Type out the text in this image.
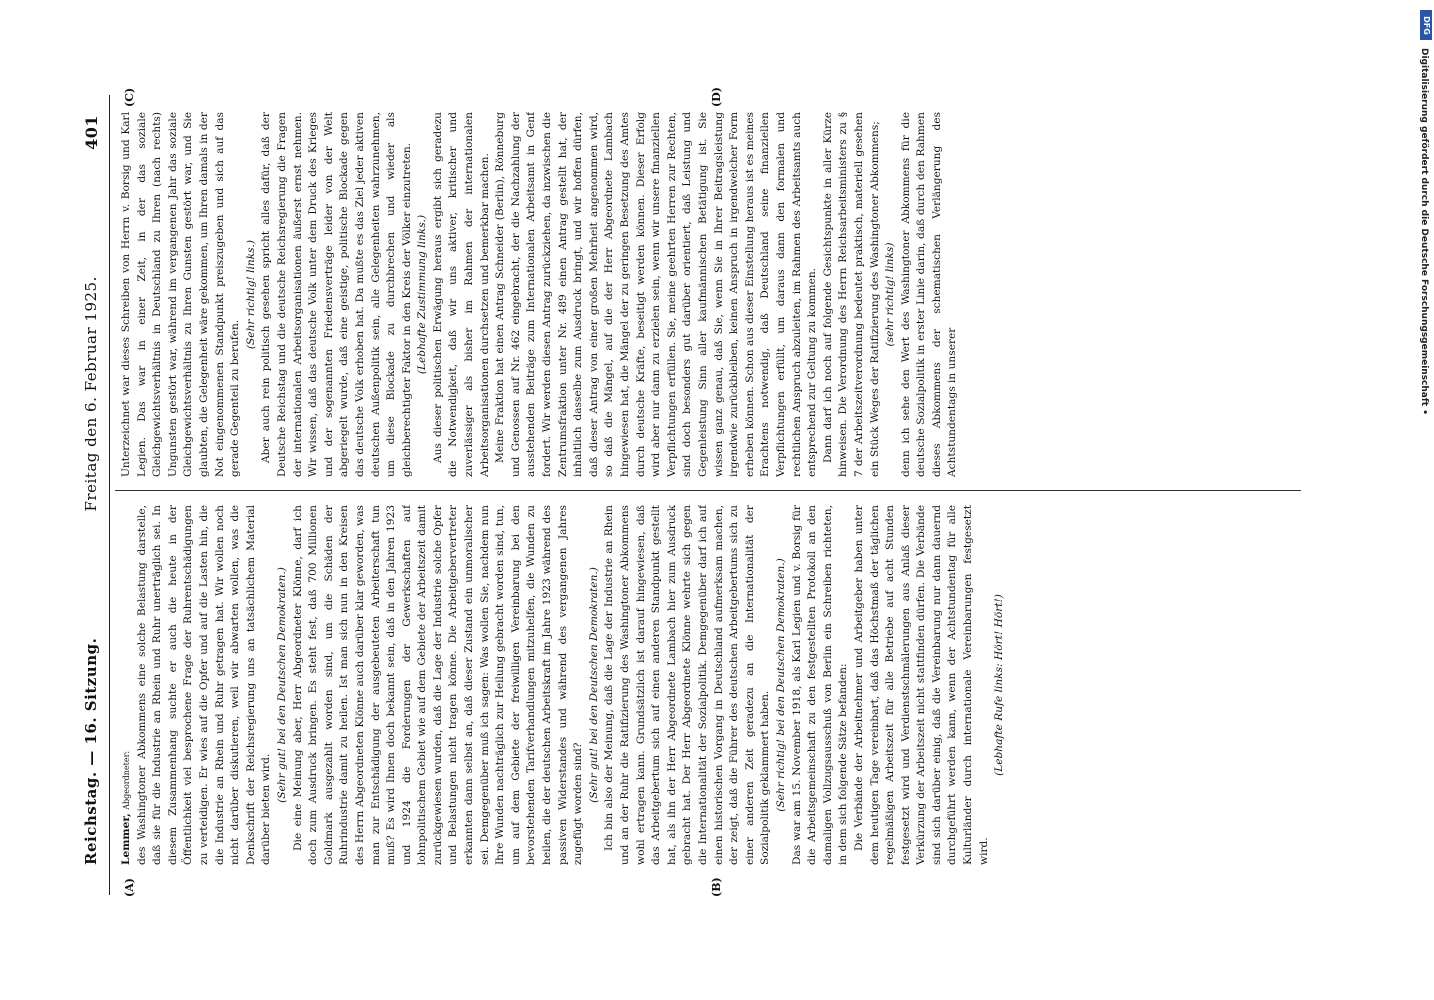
Reichstag. — 16. Sitzung.
Freitag den 6. Februar 1925.
401
(A)	(B)
(C)	(D)

Lemmer, Abgeordneter: des Washingtoner Abkommens eine solche Belastung darstelle, daß sie für die Industrie an Rhein und Ruhr unerträglich sei. In diesem Zusammenhang suchte er auch die heute in der Öffentlichkeit viel besprochene Frage der Ruhrentschädigungen zu verteidigen. Er wies auf die Opfer und auf die Lasten hin, die die Industrie an Rhein und Ruhr getragen hat. Wir wollen noch nicht darüber diskutieren, weil wir abwarten wollen, was die Denkschrift der Reichsregierung uns an tatsächlichem Material darüber bieten wird.

(Sehr gut! bei den Deutschen Demokraten.) Die eine Meinung aber, Herr Abgeordneter Klönne, darf ich doch zum Ausdruck bringen. Es steht fest, daß 700 Millionen Goldmark ausgezahlt worden sind, um die Schäden der Ruhrindustrie damit zu heilen. Ist man sich nun in den Kreisen des Herrn Abgeordneten Klönne auch darüber klar geworden, was man zur Entschädigung der ausgebeuteten Arbeiterschaft tun muß? Es wird Ihnen doch bekannt sein, daß in den Jahren 1923 und 1924 die Forderungen der Gewerkschaften auf lohnpolitischem Gebiet wie auf dem Gebiete der Arbeitszeit damit zurückgewiesen wurden, daß die Lage der Industrie solche Opfer und Belastungen nicht tragen könne. Die Arbeitgebervertreter erkannten dann selbst an, daß dieser Zustand ein unmoralischer sei. Demgegenüber muß ich sagen: Was wollen Sie, nachdem nun Ihre Wunden nachträglich zur Heilung gebracht worden sind, tun, um auf dem Gebiete der freiwilligen Vereinbarung bei den bevorstehenden Tarifverhandlungen mitzuhelfen, die Wunden zu heilen, die der deutschen Arbeitskraft im Jahre 1923 während des passiven Widerstandes und während des vergangenen Jahres zugefügt worden sind?

(Sehr gut! bei den Deutschen Demokraten.) Ich bin also der Meinung, daß die Lage der Industrie an Rhein und an der Ruhr die Ratifizierung des Washingtoner Abkommens wohl ertragen kann. Grundsätzlich ist darauf hingewiesen, daß das Arbeitgebertum sich auf einen anderen Standpunkt gestellt hat, als ihn der Herr Abgeordnete Lambach hier zum Ausdruck gebracht hat. Der Herr Abgeordnete Klönne wehrte sich gegen die Internationalität der Sozialpolitik. Demgegenüber darf ich auf einen historischen Vorgang in Deutschland aufmerksam machen, der zeigt, daß die Führer des deutschen Arbeitgebertums sich zu einer anderen Zeit geradezu an die Internationalität der Sozialpolitik geklammert haben. (Sehr richtig! bei den Deutschen Demokraten.) Das war am 15. November 1918, als Karl Legien und v. Borsig für die Arbeitsgemeinschaft zu den festgestellten Protokoll an den damaligen Vollzugsausschuß von Berlin ein Schreiben richteten, in dem sich folgende Sätze befanden: Die Verbände der Arbeitnehmer und Arbeitgeber haben unter dem heutigen Tage vereinbart, daß das Höchstmaß der täglichen regelmäßigen Arbeitszeit für alle Betriebe auf acht Stunden festgesetzt wird und Verdienstschmälerungen aus Anlaß dieser Verkürzung der Arbeitszeit nicht stattfinden dürfen. Die Verbände sind sich darüber einig, daß die Vereinbarung nur dann dauernd durchgeführt werden kann, wenn der Achtstundentag für alle Kulturländer durch internationale Vereinbarungen festgesetzt wird.

(Lebhafte Rufe links: Hört! Hört!)

Unterzeichnet war dieses Schreiben von Herrn v. Borsig und Karl Legien. Das war in einer Zeit, in der das soziale Gleichgewichtsverhältnis in Deutschland zu Ihren (nach rechts) Ungunsten gestört war, während im vergangenen Jahr das soziale Gleichgewichtsverhältnis zu Ihren Gunsten gestört war, und Sie glaubten, die Gelegenheit wäre gekommen, um Ihren damals in der Not eingenommenen Standpunkt preiszugeben und sich auf das gerade Gegenteil zu berufen.

(Sehr richtig! links.) Aber auch rein politisch gesehen spricht alles dafür, daß der Deutsche Reichstag und die deutsche Reichsregierung die Fragen der internationalen Arbeitsorganisationen äußerst ernst nehmen. Wir wissen, daß das deutsche Volk unter dem Druck des Krieges und der sogenannten Friedensverträge leider von der Welt abgeriegelt wurde, daß eine geistige, politische Blockade gegen das deutsche Volk erhoben hat. Da mußte es das Ziel jeder aktiven deutschen Außenpolitik sein, alle Gelegenheiten wahrzunehmen, um diese Blockade zu durchbrechen und wieder als gleichberechtigter Faktor in den Kreis der Völker einzutreten. (Lebhafte Zustimmung links.) Aus dieser politischen Erwägung heraus ergibt sich geradezu die Notwendigkeit, daß wir uns aktiver, kritischer und zuverlässiger als bisher im Rahmen der internationalen Arbeitsorganisationen durchsetzen und bemerkbar machen. Meine Fraktion hat einen Antrag Schneider (Berlin), Rönneburg und Genossen auf Nr. 462 eingebracht, der die Nachzahlung der ausstehenden Beiträge zum Internationalen Arbeitsamt in Genf fordert. Wir werden diesen Antrag zurückziehen, da inzwischen die Zentrumsfraktion unter Nr. 489 einen Antrag gestellt hat, der inhaltlich dasselbe zum Ausdruck bringt, und wir hoffen dürfen, daß dieser Antrag von einer großen Mehrheit angenommen wird, so daß die Mängel, auf die der Herr Abgeordnete Lambach hingewiesen hat, die Mängel der zu geringen Besetzung des Amtes durch deutsche Kräfte, beseitigt werden können. Dieser Erfolg wird aber nur dann zu erzielen sein, wenn wir unsere finanziellen Verpflichtungen erfüllen. Sie, meine geehrten Herren zur Rechten, sind doch besonders gut darüber orientiert, daß Leistung und Gegenleistung Sinn aller kaufmännischen Betätigung ist. Sie wissen ganz genau, daß Sie, wenn Sie in Ihrer Beitragsleistung irgendwie zurückbleiben, keinen Anspruch in irgendwelcher Form erheben können. Schon aus dieser Einstellung heraus ist es meines Erachtens notwendig, daß Deutschland seine finanziellen Verpflichtungen erfüllt, um daraus dann den formalen und rechtlichen Anspruch abzuleiten, im Rahmen des Arbeitsamts auch entsprechend zur Geltung zu kommen. Dann darf ich noch auf folgende Gesichtspunkte in aller Kürze hinweisen. Die Verordnung des Herrn Reichsarbeitsministers zu § 7 der Arbeitszeitverordnung bedeutet praktisch, materiell gesehen ein Stück Weges der Ratifizierung des Washingtoner Abkommens; (sehr richtig! links) denn ich sehe den Wert des Washingtoner Abkommens für die deutsche Sozialpolitik in erster Linie darin, daß durch den Rahmen dieses Abkommens der schematischen Verlängerung des Achtstundentags in unserer

DFG
Digitalisierung gefördert durch die Deutsche Forschungsgemeinschaft •
